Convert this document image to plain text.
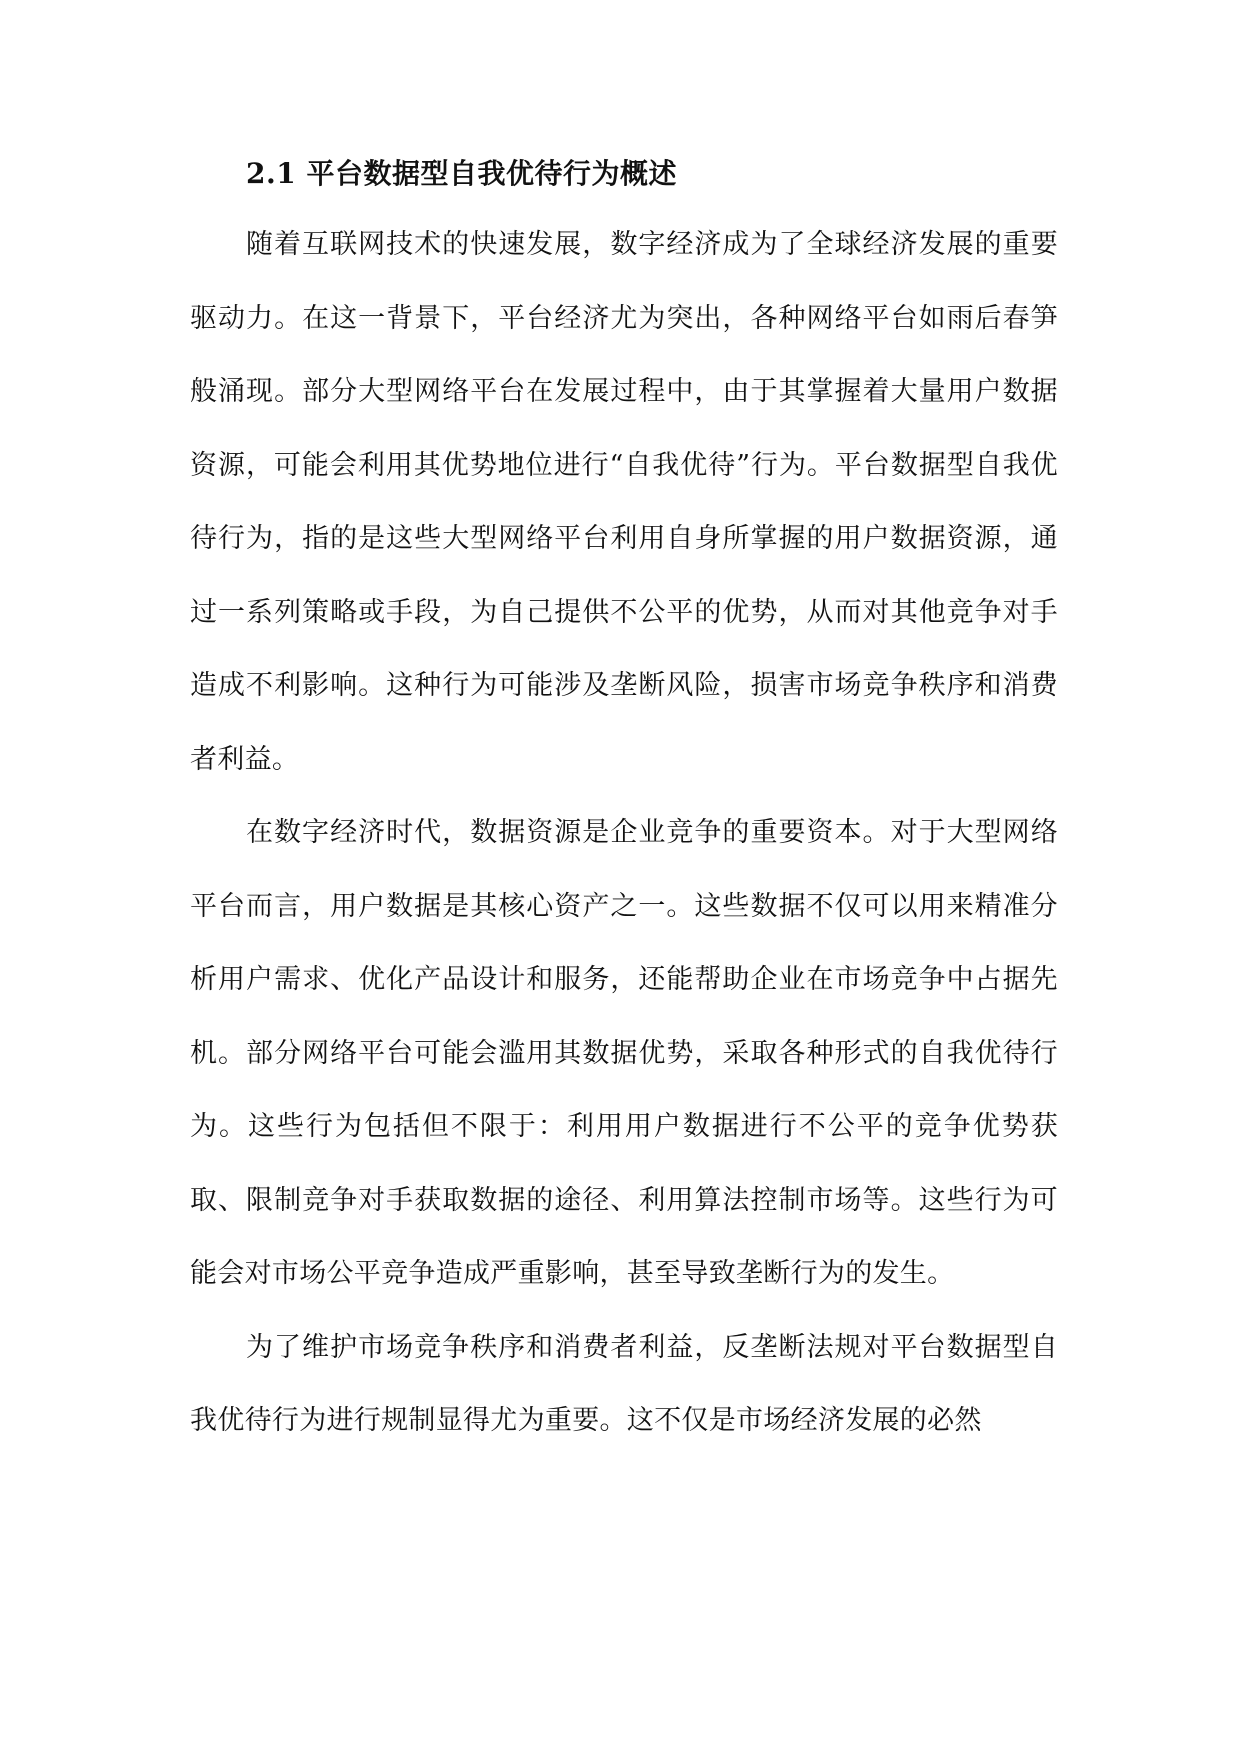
2.1 平台数据型自我优待行为概述

随着互联网技术的快速发展，数字经济成为了全球经济发展的重要驱动力。在这一背景下，平台经济尤为突出，各种网络平台如雨后春笋般涌现。部分大型网络平台在发展过程中，由于其掌握着大量用户数据资源，可能会利用其优势地位进行“自我优待”行为。平台数据型自我优待行为，指的是这些大型网络平台利用自身所掌握的用户数据资源，通过一系列策略或手段，为自己提供不公平的优势，从而对其他竞争对手造成不利影响。这种行为可能涉及垄断风险，损害市场竞争秩序和消费者利益。

在数字经济时代，数据资源是企业竞争的重要资本。对于大型网络平台而言，用户数据是其核心资产之一。这些数据不仅可以用来精准分析用户需求、优化产品设计和服务，还能帮助企业在市场竞争中占据先机。部分网络平台可能会滥用其数据优势，采取各种形式的自我优待行为。这些行为包括但不限于：利用用户数据进行不公平的竞争优势获取、限制竞争对手获取数据的途径、利用算法控制市场等。这些行为可能会对市场公平竞争造成严重影响，甚至导致垄断行为的发生。

为了维护市场竞争秩序和消费者利益，反垄断法规对平台数据型自我优待行为进行规制显得尤为重要。这不仅是市场经济发展的必然
